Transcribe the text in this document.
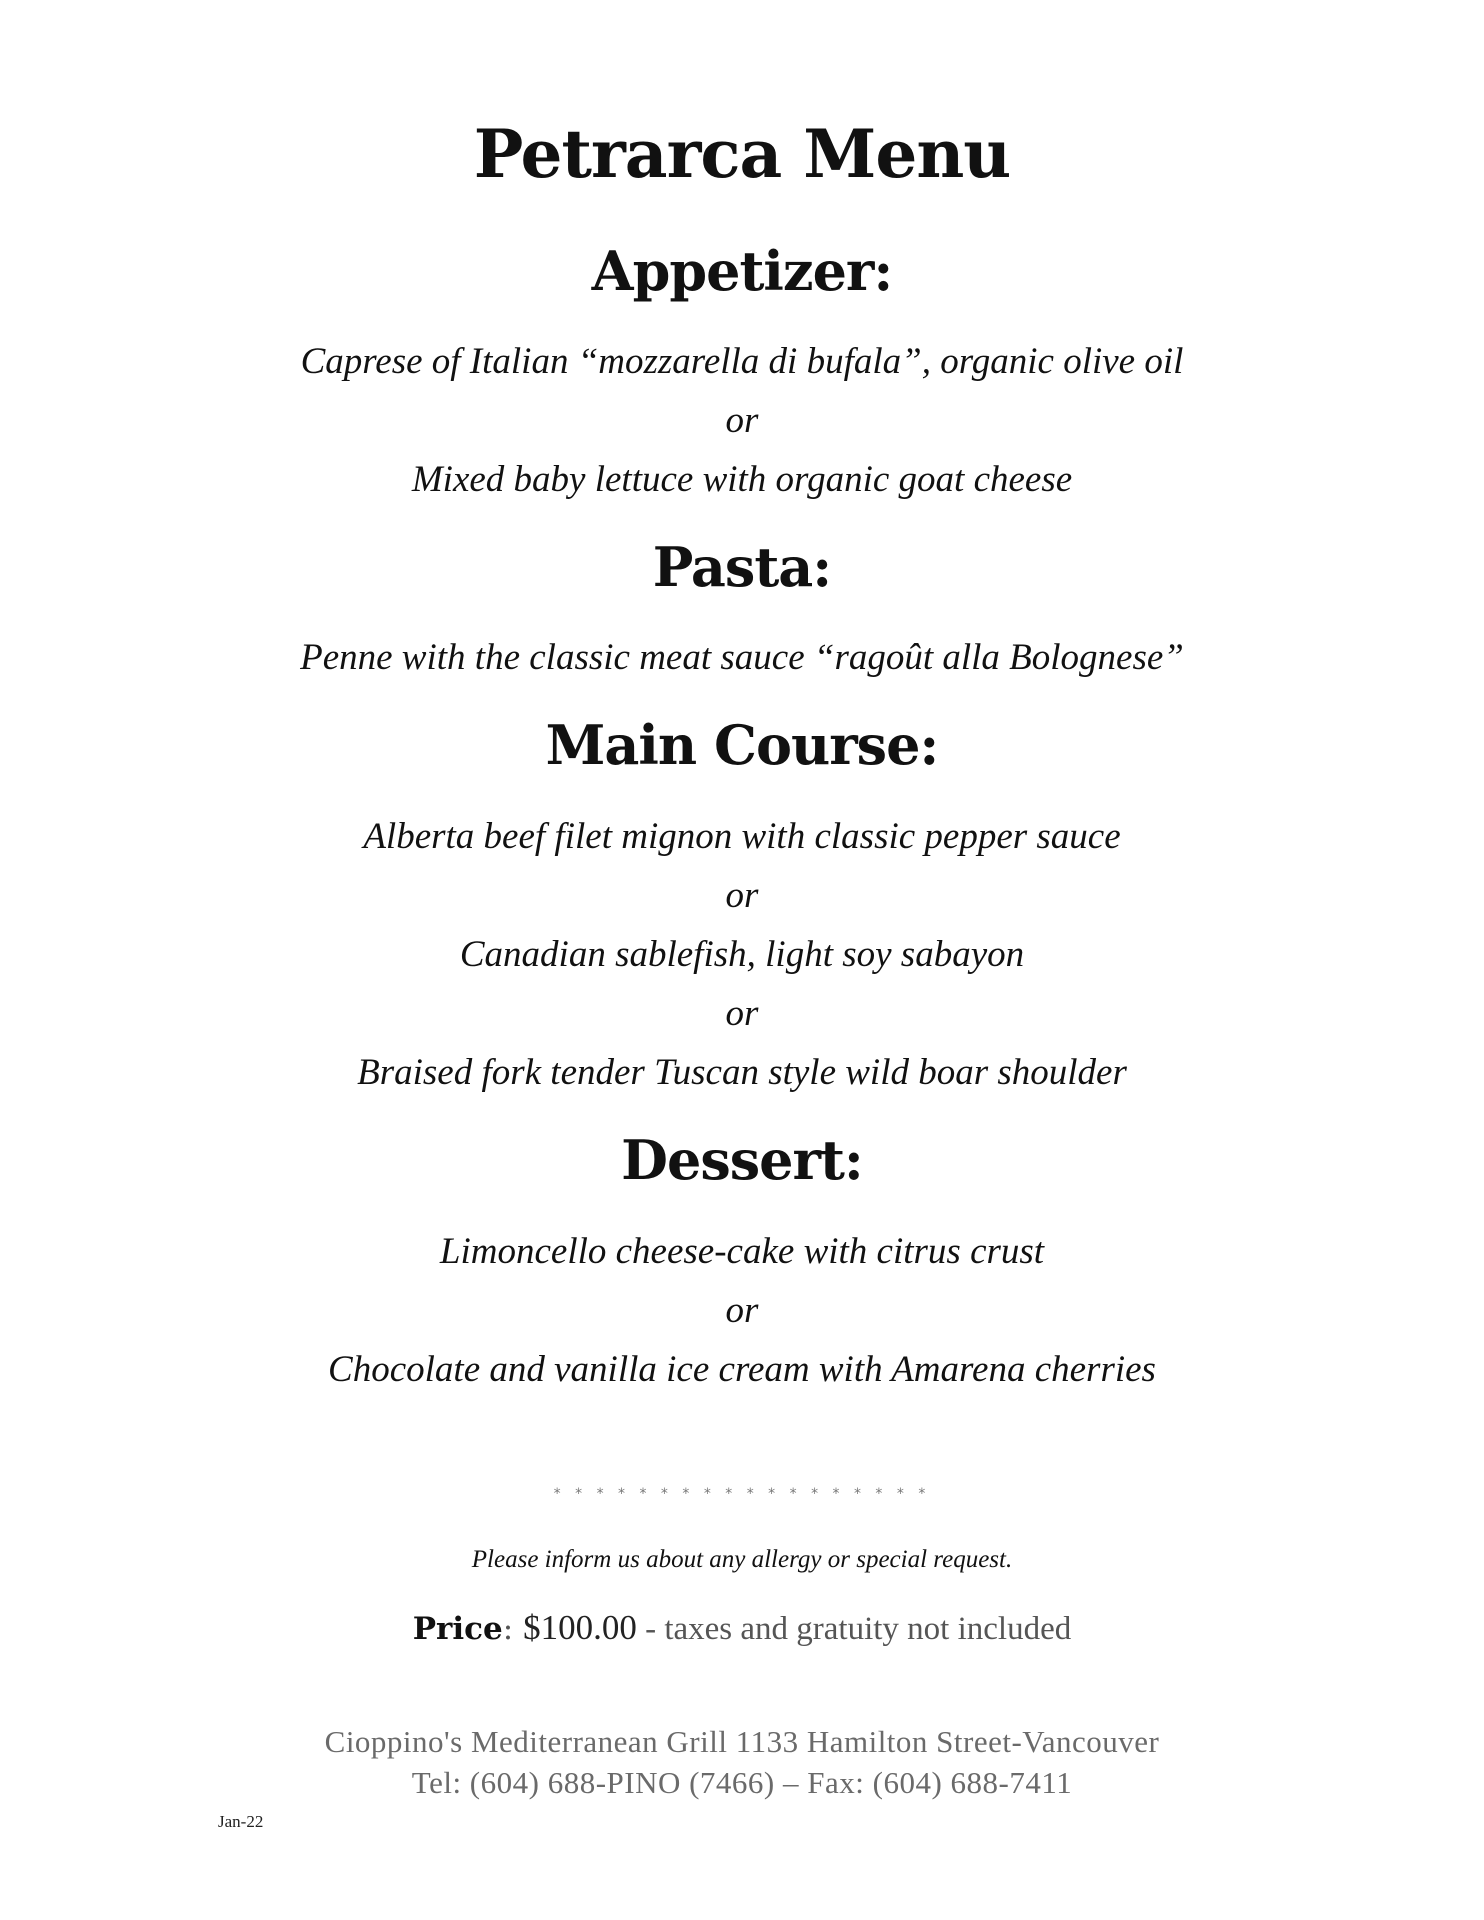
Petrarca Menu
Appetizer:
Caprese of Italian “mozzarella di bufala”, organic olive oil
or
Mixed baby lettuce with organic goat cheese
Pasta:
Penne with the classic meat sauce “ragoût alla Bolognese”
Main Course:
Alberta beef filet mignon with classic pepper sauce
or
Canadian sablefish, light soy sabayon
or
Braised fork tender Tuscan style wild boar shoulder
Dessert:
Limoncello cheese-cake with citrus crust
or
Chocolate and vanilla ice cream with Amarena cherries
* * * * * * * * * * * * * * * * * *
Please inform us about any allergy or special request.
Price: $100.00 - taxes and gratuity not included
Cioppino's Mediterranean Grill 1133 Hamilton Street-Vancouver
Tel: (604) 688-PINO (7466) – Fax: (604) 688-7411
Jan-22
